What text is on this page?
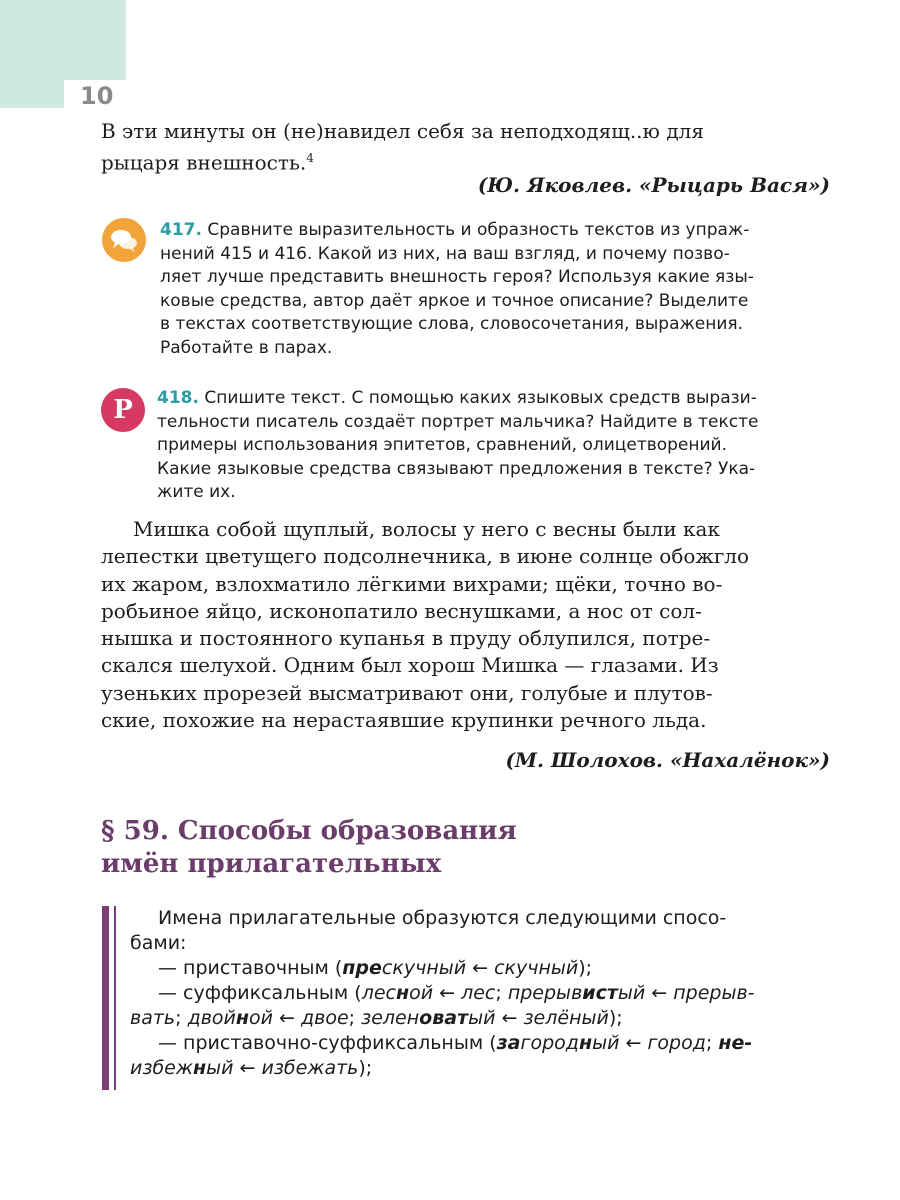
10

В эти минуты он (не)навидел себя за неподходящ..ю для
рыцаря внешность.$^4$

(Ю. Яковлев. «Рыцарь Вася»)

417. Сравните выразительность и образность текстов из упраж-
нений 415 и 416. Какой из них, на ваш взгляд, и почему позво-
ляет лучше представить внешность героя? Используя какие язы-
ковые средства, автор даёт яркое и точное описание? Выделите
в текстах соответствующие слова, словосочетания, выражения.
Работайте в парах.

Р	418. Спишите текст. С помощью каких языковых средств вырази-
тельности писатель создаёт портрет мальчика? Найдите в тексте
примеры использования эпитетов, сравнений, олицетворений.
Какие языковые средства связывают предложения в тексте? Ука-
жите их.

Мишка собой щуплый, волосы у него с весны были как
лепестки цветущего подсолнечника, в июне солнце обожгло
их жаром, взлохматило лёгкими вихрами; щёки, точно во-
робьиное яйцо, исконопатило веснушками, а нос от сол-
нышка и постоянного купанья в пруду облупился, потре-
скался шелухой. Одним был хорош Мишка — глазами. Из
узеньких прорезей высматривают они, голубые и плутов-
ские, похожие на нерастаявшие крупинки речного льда.

(М. Шолохов. «Нахалёнок»)
§ 59. Способы образования
имён прилагательных

Имена прилагательные образуются следующими спосо-
бами:
— приставочным (прескучный ← скучный);
— суффиксальным (лесной ← лес; прерывистый ← прерыв-
вать; двойной ← двое; зеленоватый ← зелёный);
— приставочно-суффиксальным (загородный ← город; не-
избежный ← избежать);
